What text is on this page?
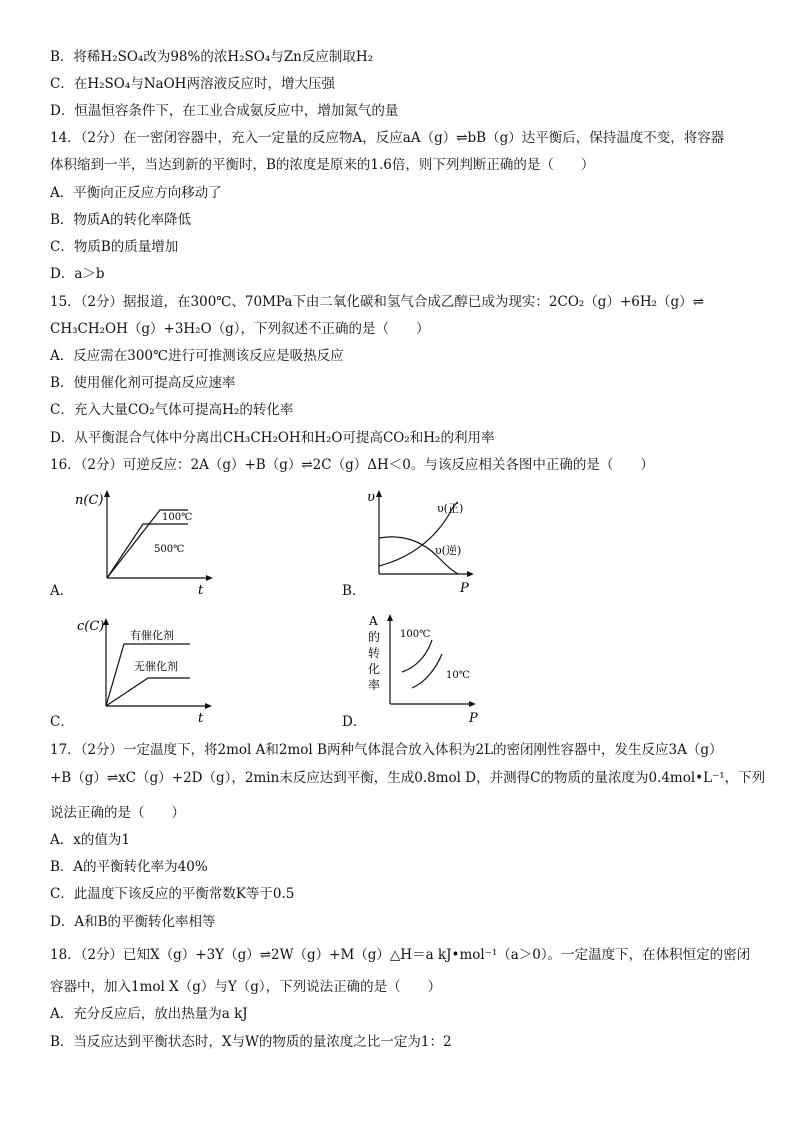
B．将稀H₂SO₄改为98%的浓H₂SO₄与Zn反应制取H₂
C．在H₂SO₄与NaOH两溶液反应时，增大压强
D．恒温恒容条件下，在工业合成氨反应中，增加氮气的量
14．（2分）在一密闭容器中，充入一定量的反应物A，反应aA（g）⇌bB（g）达平衡后，保持温度不变，将容器
体积缩到一半，当达到新的平衡时，B的浓度是原来的1.6倍，则下列判断正确的是（　　）
A．平衡向正反应方向移动了
B．物质A的转化率降低
C．物质B的质量增加
D．a＞b
15．（2分）据报道，在300℃、70MPa下由二氧化碳和氢气合成乙醇已成为现实：2CO₂（g）+6H₂（g）⇌
CH₃CH₂OH（g）+3H₂O（g），下列叙述不正确的是（　　）
A．反应需在300℃进行可推测该反应是吸热反应
B．使用催化剂可提高反应速率
C．充入大量CO₂气体可提高H₂的转化率
D．从平衡混合气体中分离出CH₃CH₂OH和H₂O可提高CO₂和H₂的利用率
16．（2分）可逆反应：2A（g）+B（g）⇌2C（g）ΔH＜0。与该反应相关各图中正确的是（　　）
A．
n(C)
t
100℃
500℃
B．
υ
P
υ(正)
υ(逆)
C．
c(C)
t
有催化剂
无催化剂
D．
A
的
转
化
率
P
100℃
10℃
17．（2分）一定温度下，将2mol A和2mol B两种气体混合放入体积为2L的密闭刚性容器中，发生反应3A（g）
+B（g）⇌xC（g）+2D（g），2min末反应达到平衡，生成0.8mol D，并测得C的物质的量浓度为0.4mol•L⁻¹，下列
说法正确的是（　　）
A．x的值为1
B．A的平衡转化率为40%
C．此温度下该反应的平衡常数K等于0.5
D．A和B的平衡转化率相等
18．（2分）已知X（g）+3Y（g）⇌2W（g）+M（g）△H＝a kJ•mol⁻¹（a＞0）。一定温度下，在体积恒定的密闭
容器中，加入1mol X（g）与Y（g），下列说法正确的是（　　）
A．充分反应后，放出热量为a kJ
B．当反应达到平衡状态时，X与W的物质的量浓度之比一定为1：2
